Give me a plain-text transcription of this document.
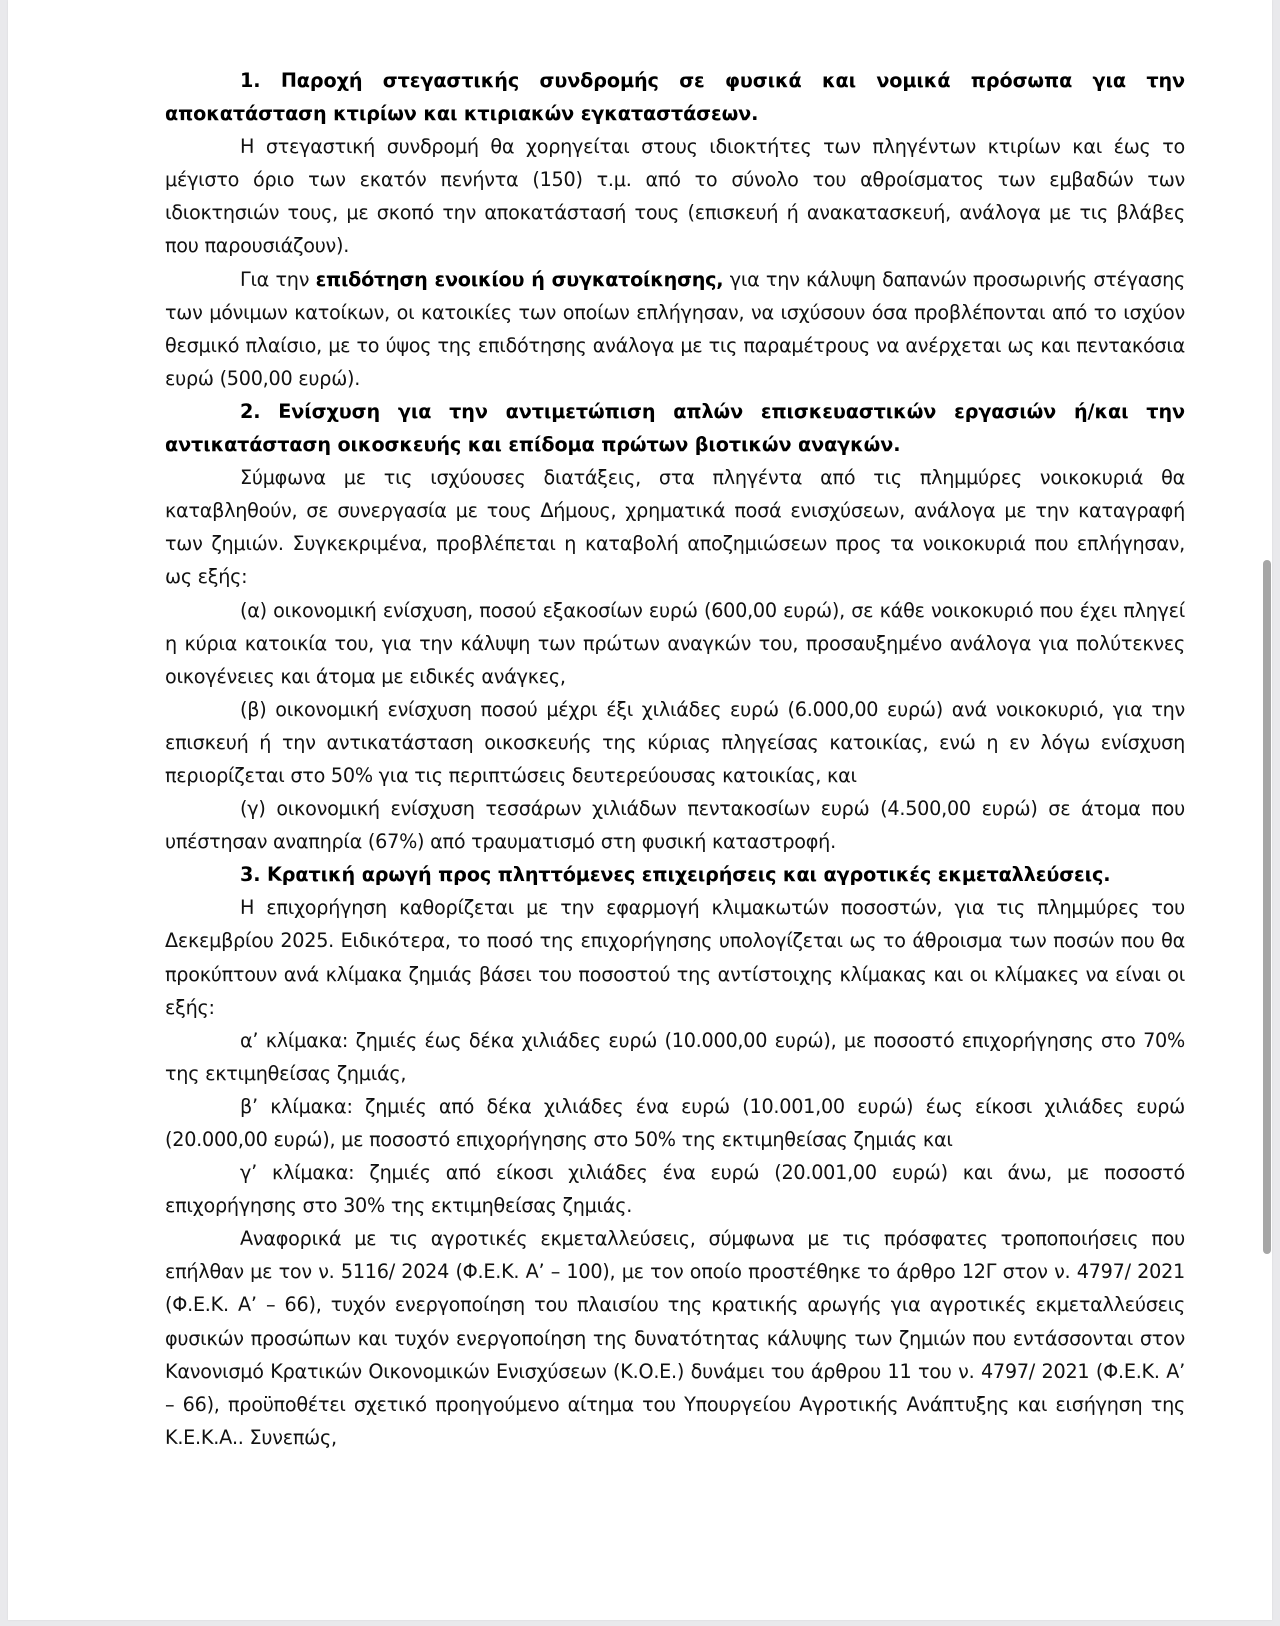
1. Παροχή στεγαστικής συνδρομής σε φυσικά και νομικά πρόσωπα για την αποκατάσταση κτιρίων και κτιριακών εγκαταστάσεων.

Η στεγαστική συνδρομή θα χορηγείται στους ιδιοκτήτες των πληγέντων κτιρίων και έως το μέγιστο όριο των εκατόν πενήντα (150) τ.μ. από το σύνολο του αθροίσματος των εμβαδών των ιδιοκτησιών τους, με σκοπό την αποκατάστασή τους (επισκευή ή ανακατασκευή, ανάλογα με τις βλάβες που παρουσιάζουν).

Για την επιδότηση ενοικίου ή συγκατοίκησης, για την κάλυψη δαπανών προσωρινής στέγασης των μόνιμων κατοίκων, οι κατοικίες των οποίων επλήγησαν, να ισχύσουν όσα προβλέπονται από το ισχύον θεσμικό πλαίσιο, με το ύψος της επιδότησης ανάλογα με τις παραμέτρους να ανέρχεται ως και πεντακόσια ευρώ (500,00 ευρώ).

2. Ενίσχυση για την αντιμετώπιση απλών επισκευαστικών εργασιών ή/και την αντικατάσταση οικοσκευής και επίδομα πρώτων βιοτικών αναγκών.

Σύμφωνα με τις ισχύουσες διατάξεις, στα πληγέντα από τις πλημμύρες νοικοκυριά θα καταβληθούν, σε συνεργασία με τους Δήμους, χρηματικά ποσά ενισχύσεων, ανάλογα με την καταγραφή των ζημιών. Συγκεκριμένα, προβλέπεται η καταβολή αποζημιώσεων προς τα νοικοκυριά που επλήγησαν, ως εξής:

(α) οικονομική ενίσχυση, ποσού εξακοσίων ευρώ (600,00 ευρώ), σε κάθε νοικοκυριό που έχει πληγεί η κύρια κατοικία του, για την κάλυψη των πρώτων αναγκών του, προσαυξημένο ανάλογα για πολύτεκνες οικογένειες και άτομα με ειδικές ανάγκες,

(β) οικονομική ενίσχυση ποσού μέχρι έξι χιλιάδες ευρώ (6.000,00 ευρώ) ανά νοικοκυριό, για την επισκευή ή την αντικατάσταση οικοσκευής της κύριας πληγείσας κατοικίας, ενώ η εν λόγω ενίσχυση περιορίζεται στο 50% για τις περιπτώσεις δευτερεύουσας κατοικίας, και

(γ) οικονομική ενίσχυση τεσσάρων χιλιάδων πεντακοσίων ευρώ (4.500,00 ευρώ) σε άτομα που υπέστησαν αναπηρία (67%) από τραυματισμό στη φυσική καταστροφή.

3. Κρατική αρωγή προς πληττόμενες επιχειρήσεις και αγροτικές εκμεταλλεύσεις.

Η επιχορήγηση καθορίζεται με την εφαρμογή κλιμακωτών ποσοστών, για τις πλημμύρες του Δεκεμβρίου 2025. Ειδικότερα, το ποσό της επιχορήγησης υπολογίζεται ως το άθροισμα των ποσών που θα προκύπτουν ανά κλίμακα ζημιάς βάσει του ποσοστού της αντίστοιχης κλίμακας και οι κλίμακες να είναι οι εξής:

α’ κλίμακα: ζημιές έως δέκα χιλιάδες ευρώ (10.000,00 ευρώ), με ποσοστό επιχορήγησης στο 70% της εκτιμηθείσας ζημιάς,

β’ κλίμακα: ζημιές από δέκα χιλιάδες ένα ευρώ (10.001,00 ευρώ) έως είκοσι χιλιάδες ευρώ (20.000,00 ευρώ), με ποσοστό επιχορήγησης στο 50% της εκτιμηθείσας ζημιάς και

γ’ κλίμακα: ζημιές από είκοσι χιλιάδες ένα ευρώ (20.001,00 ευρώ) και άνω, με ποσοστό επιχορήγησης στο 30% της εκτιμηθείσας ζημιάς.

Αναφορικά με τις αγροτικές εκμεταλλεύσεις, σύμφωνα με τις πρόσφατες τροποποιήσεις που επήλθαν με τον ν. 5116/ 2024 (Φ.Ε.Κ. Α’ – 100), με τον οποίο προστέθηκε το άρθρο 12Γ στον ν. 4797/ 2021 (Φ.Ε.Κ. Α’ – 66), τυχόν ενεργοποίηση του πλαισίου της κρατικής αρωγής για αγροτικές εκμεταλλεύσεις φυσικών προσώπων και τυχόν ενεργοποίηση της δυνατότητας κάλυψης των ζημιών που εντάσσονται στον Κανονισμό Κρατικών Οικονομικών Ενισχύσεων (Κ.Ο.Ε.) δυνάμει του άρθρου 11 του ν. 4797/ 2021 (Φ.Ε.Κ. Α’ – 66), προϋποθέτει σχετικό προηγούμενο αίτημα του Υπουργείου Αγροτικής Ανάπτυξης και εισήγηση της Κ.Ε.Κ.Α.. Συνεπώς,
